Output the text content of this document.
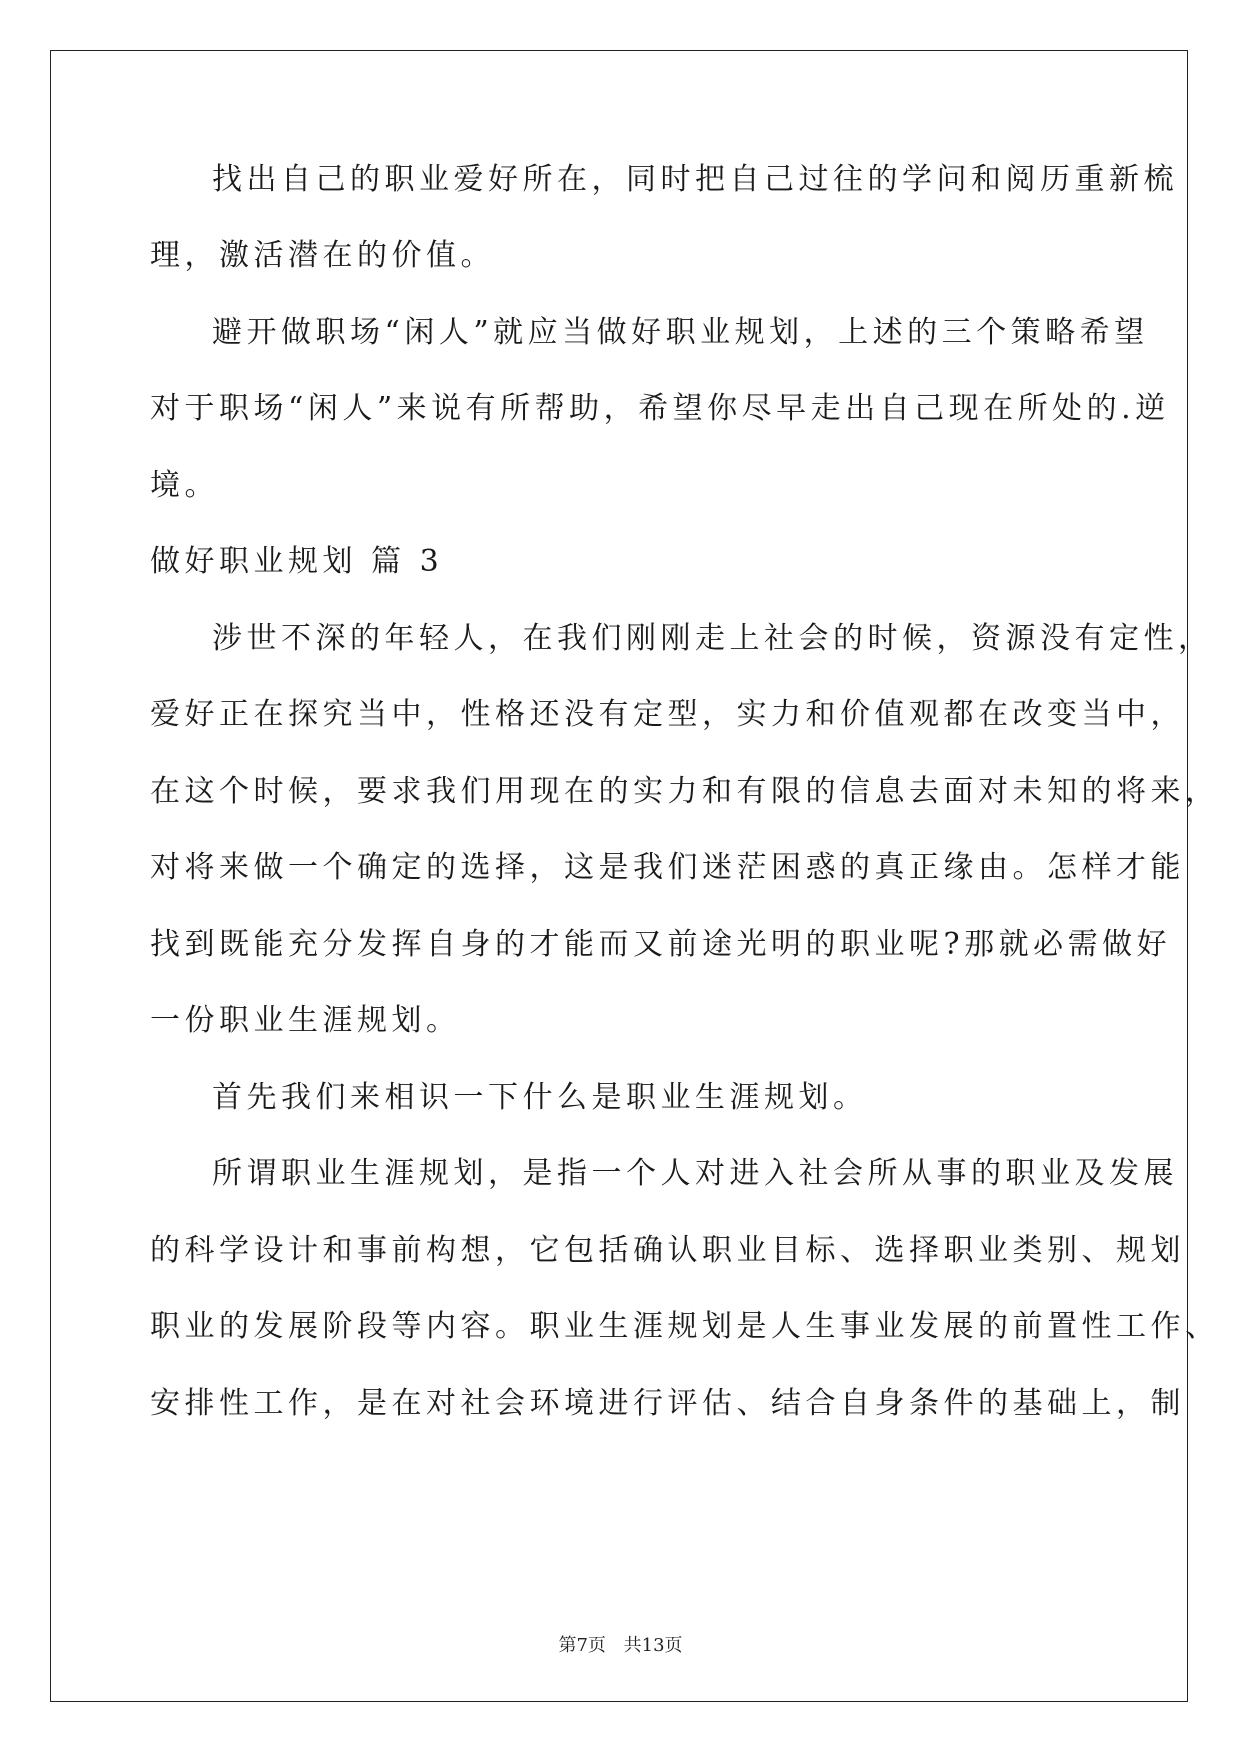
找出自己的职业爱好所在，同时把自己过往的学问和阅历重新梳
理，激活潜在的价值。
避开做职场“闲人”就应当做好职业规划，上述的三个策略希望
对于职场“闲人”来说有所帮助，希望你尽早走出自己现在所处的.逆
境。
做好职业规划 篇 3
涉世不深的年轻人，在我们刚刚走上社会的时候，资源没有定性，
爱好正在探究当中，性格还没有定型，实力和价值观都在改变当中，
在这个时候，要求我们用现在的实力和有限的信息去面对未知的将来，
对将来做一个确定的选择，这是我们迷茫困惑的真正缘由。怎样才能
找到既能充分发挥自身的才能而又前途光明的职业呢?那就必需做好
一份职业生涯规划。
首先我们来相识一下什么是职业生涯规划。
所谓职业生涯规划，是指一个人对进入社会所从事的职业及发展
的科学设计和事前构想，它包括确认职业目标、选择职业类别、规划
职业的发展阶段等内容。职业生涯规划是人生事业发展的前置性工作、
安排性工作，是在对社会环境进行评估、结合自身条件的基础上，制
第7页 共13页
